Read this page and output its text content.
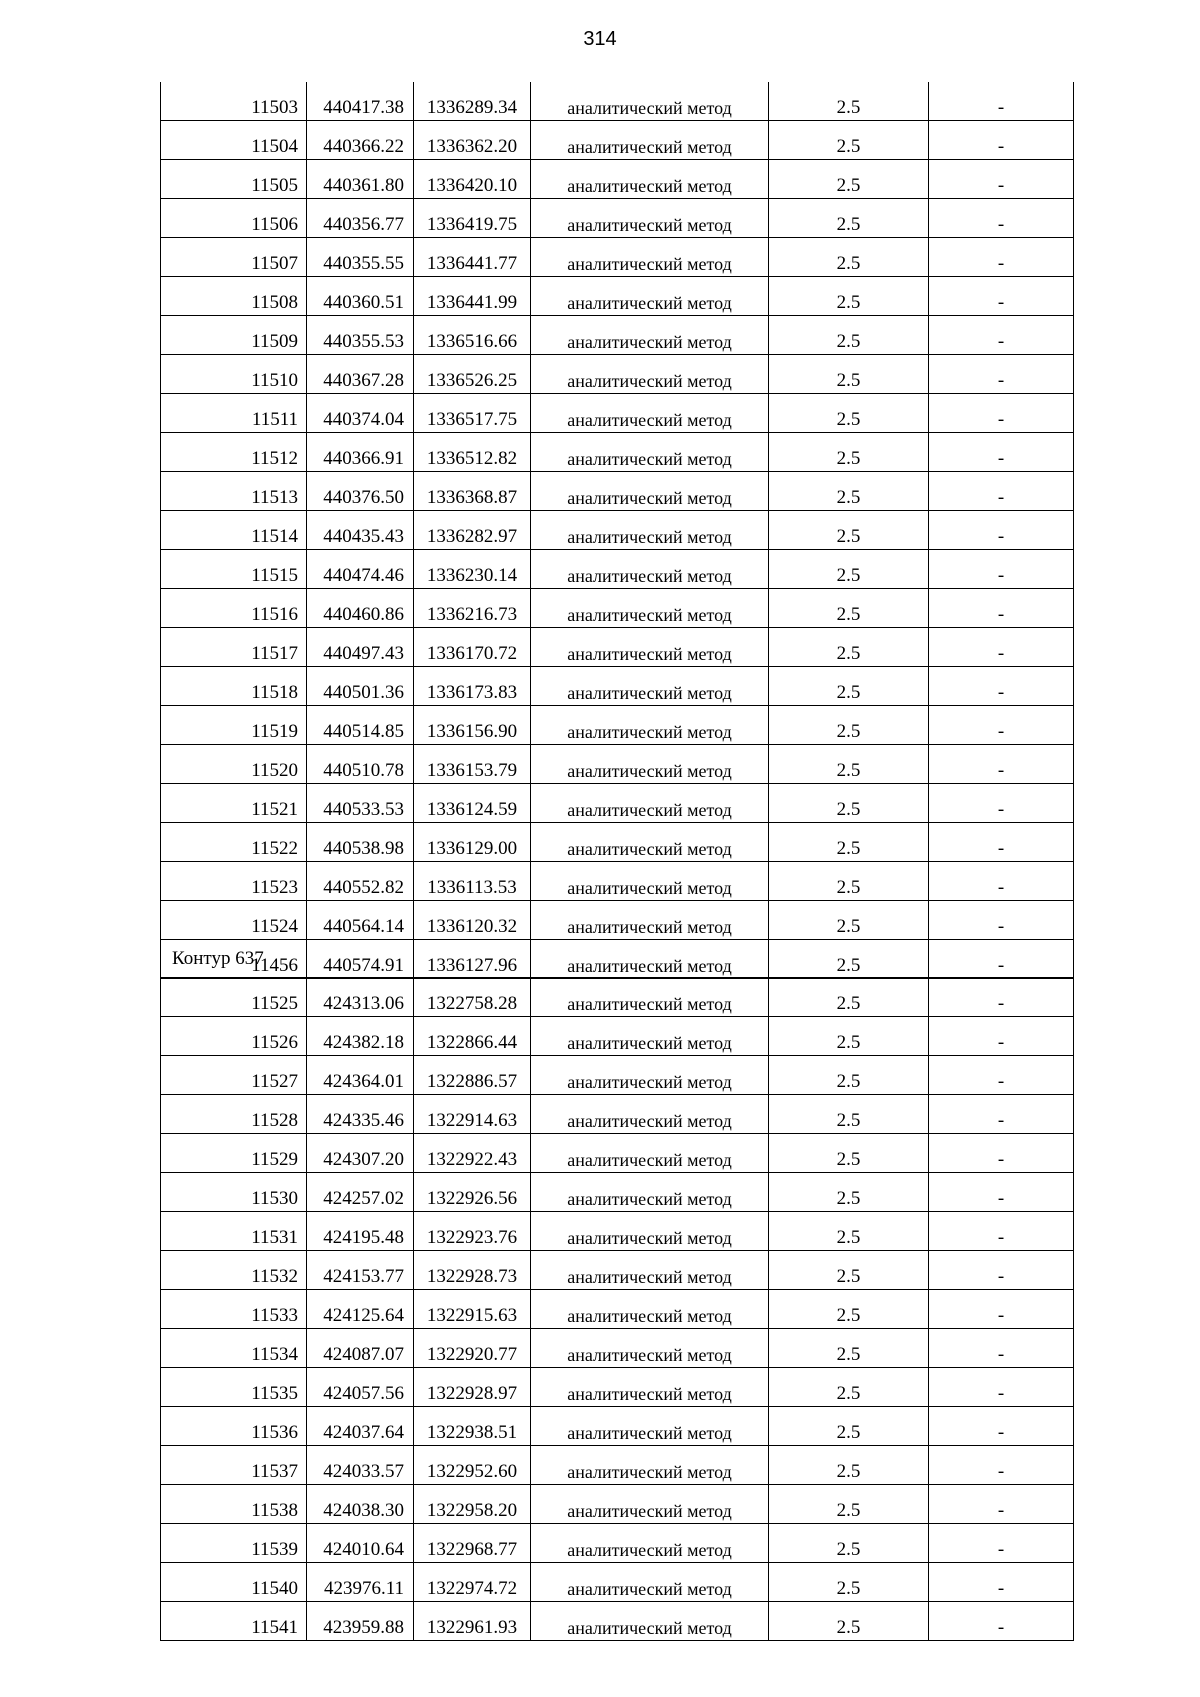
314
11503	440417.38	1336289.34	аналитический метод	2.5	-
11504	440366.22	1336362.20	аналитический метод	2.5	-
11505	440361.80	1336420.10	аналитический метод	2.5	-
11506	440356.77	1336419.75	аналитический метод	2.5	-
11507	440355.55	1336441.77	аналитический метод	2.5	-
11508	440360.51	1336441.99	аналитический метод	2.5	-
11509	440355.53	1336516.66	аналитический метод	2.5	-
11510	440367.28	1336526.25	аналитический метод	2.5	-
11511	440374.04	1336517.75	аналитический метод	2.5	-
11512	440366.91	1336512.82	аналитический метод	2.5	-
11513	440376.50	1336368.87	аналитический метод	2.5	-
11514	440435.43	1336282.97	аналитический метод	2.5	-
11515	440474.46	1336230.14	аналитический метод	2.5	-
11516	440460.86	1336216.73	аналитический метод	2.5	-
11517	440497.43	1336170.72	аналитический метод	2.5	-
11518	440501.36	1336173.83	аналитический метод	2.5	-
11519	440514.85	1336156.90	аналитический метод	2.5	-
11520	440510.78	1336153.79	аналитический метод	2.5	-
11521	440533.53	1336124.59	аналитический метод	2.5	-
11522	440538.98	1336129.00	аналитический метод	2.5	-
11523	440552.82	1336113.53	аналитический метод	2.5	-
11524	440564.14	1336120.32	аналитический метод	2.5	-
11456	440574.91	1336127.96	аналитический метод	2.5	-
Контур 637
11525	424313.06	1322758.28	аналитический метод	2.5	-
11526	424382.18	1322866.44	аналитический метод	2.5	-
11527	424364.01	1322886.57	аналитический метод	2.5	-
11528	424335.46	1322914.63	аналитический метод	2.5	-
11529	424307.20	1322922.43	аналитический метод	2.5	-
11530	424257.02	1322926.56	аналитический метод	2.5	-
11531	424195.48	1322923.76	аналитический метод	2.5	-
11532	424153.77	1322928.73	аналитический метод	2.5	-
11533	424125.64	1322915.63	аналитический метод	2.5	-
11534	424087.07	1322920.77	аналитический метод	2.5	-
11535	424057.56	1322928.97	аналитический метод	2.5	-
11536	424037.64	1322938.51	аналитический метод	2.5	-
11537	424033.57	1322952.60	аналитический метод	2.5	-
11538	424038.30	1322958.20	аналитический метод	2.5	-
11539	424010.64	1322968.77	аналитический метод	2.5	-
11540	423976.11	1322974.72	аналитический метод	2.5	-
11541	423959.88	1322961.93	аналитический метод	2.5	-
